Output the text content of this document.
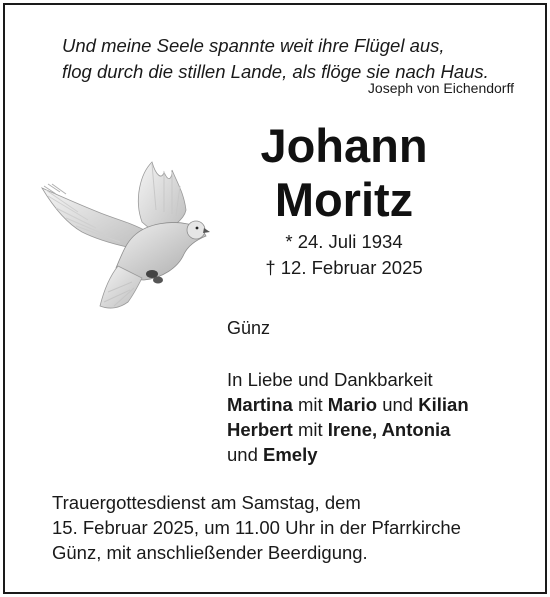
Und meine Seele spannte weit ihre Flügel aus,
flog durch die stillen Lande, als flöge sie nach Haus.
Joseph von Eichendorff
Johann
Moritz
* 24. Juli 1934
† 12. Februar 2025
Günz
In Liebe und Dankbarkeit
Martina mit Mario und Kilian
Herbert mit Irene, Antonia
und Emely
Trauergottesdienst am Samstag, dem
15. Februar 2025, um 11.00 Uhr in der Pfarrkirche
Günz, mit anschließender Beerdigung.
